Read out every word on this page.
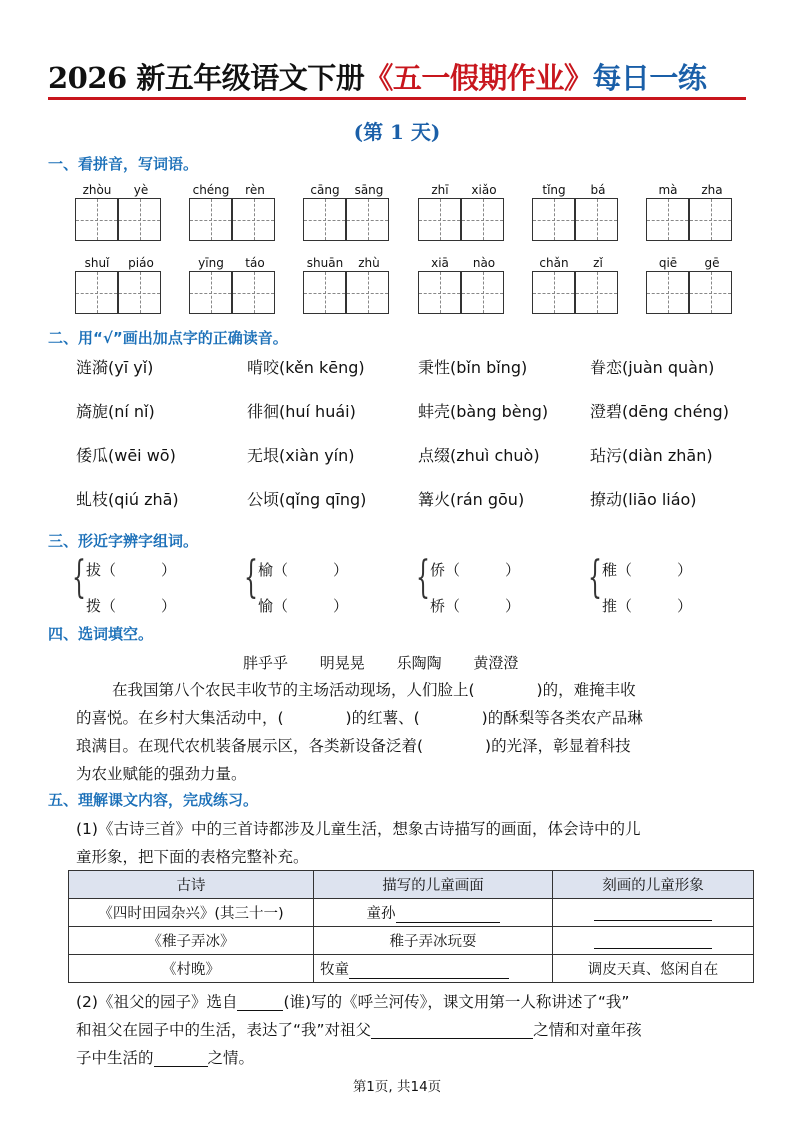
2026 新五年级语文下册《五一假期作业》每日一练
(第 1 天)
一、看拼音，写词语。
zhòu	yè	chéng	rèn	cāng	sāng	zhī	xiǎo	tǐng	bá	mà	zha
shuǐ	piáo	yīng	táo	shuān	zhù	xiā	nào	chǎn	zǐ	qiē	gē
二、用“√”画出加点字的正确读音。
涟漪(yī yǐ)	啃咬(kěn kēng)	秉性(bǐn bǐng)	眷恋(juàn quàn)
旖旎(ní nǐ)	徘徊(huí huái)	蚌壳(bàng bèng)	澄碧(dēng chéng)
倭瓜(wēi wō)	无垠(xiàn yín)	点缀(zhuì chuò)	玷污(diàn zhān)
虬枝(qiú zhā)	公顷(qǐng qīng)	篝火(rán gōu)	撩动(liāo liáo)
三、形近字辨字组词。
{ 拔（　　　）
拨（　　　）
{ 榆（　　　）
愉（　　　）
{ 侨（　　　）
桥（　　　）
{ 稚（　　　）
推（　　　）
四、选词填空。
胖乎乎 明晃晃 乐陶陶 黄澄澄
在我国第八个农民丰收节的主场活动现场，人们脸上(　　　　)的，难掩丰收
的喜悦。在乡村大集活动中，(　　　　)的红薯、(　　　　)的酥梨等各类农产品琳
琅满目。在现代农机装备展示区，各类新设备泛着(　　　　)的光泽，彰显着科技
为农业赋能的强劲力量。
五、理解课文内容，完成练习。
(1)《古诗三首》中的三首诗都涉及儿童生活，想象古诗描写的画面，体会诗中的儿
童形象，把下面的表格完整补充。
古诗	描写的儿童画面	刻画的儿童形象
《四时田园杂兴》(其三十一)	童孙	
《稚子弄冰》	稚子弄冰玩耍	
《村晚》	牧童	调皮天真、悠闲自在
(2)《祖父的园子》选自	(谁)写的《呼兰河传》，课文用第一人称讲述了“我”
和祖父在园子中的生活，表达了“我”对祖父	之情和对童年孩
子中生活的	之情。
第1页, 共14页
